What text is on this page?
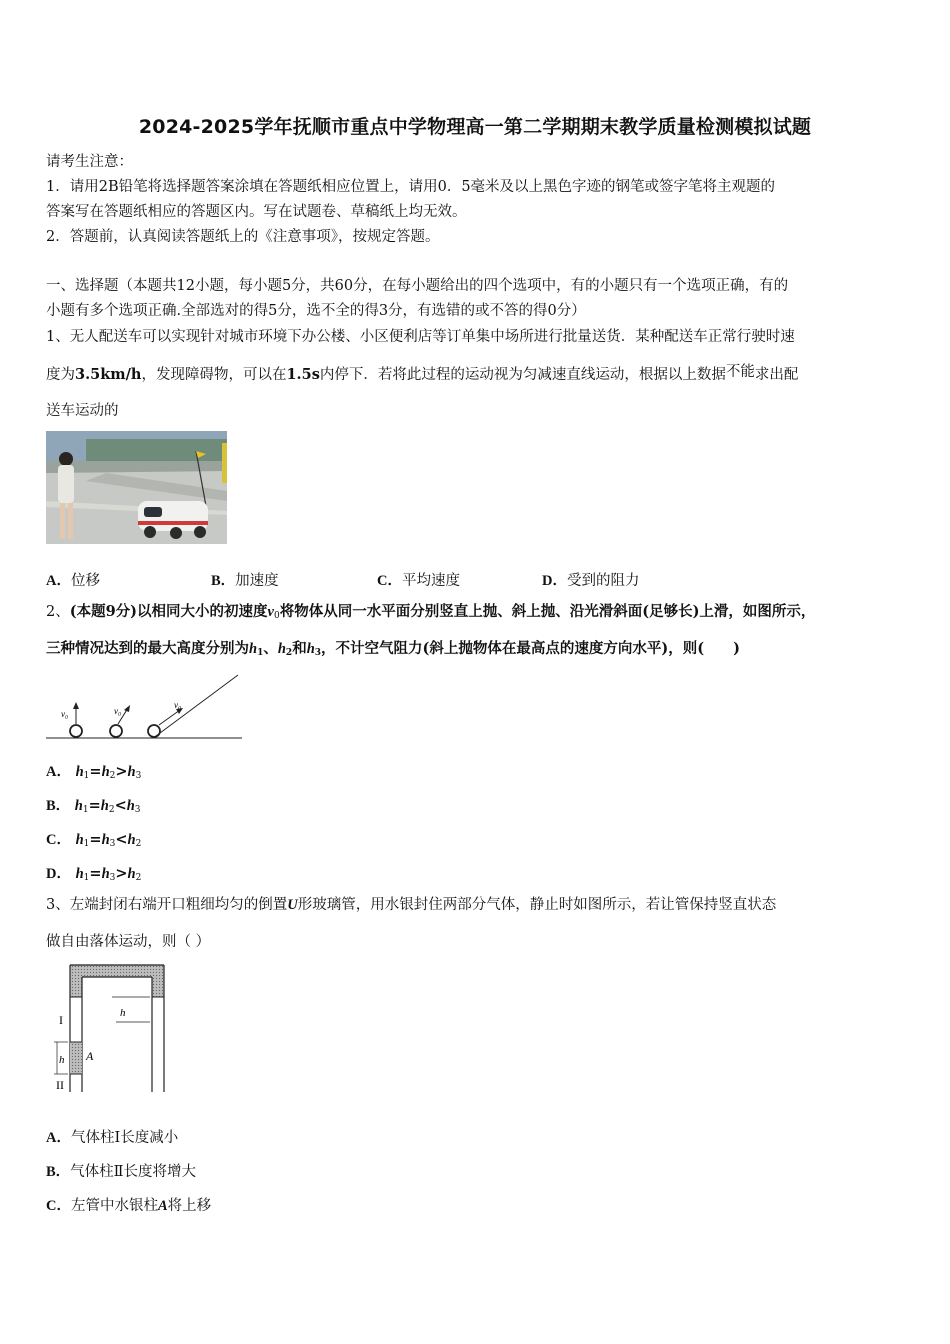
2024-2025学年抚顺市重点中学物理高一第二学期期末教学质量检测模拟试题
请考生注意：
1．请用2B铅笔将选择题答案涂填在答题纸相应位置上，请用0．5毫米及以上黑色字迹的钢笔或签字笔将主观题的
答案写在答题纸相应的答题区内。写在试题卷、草稿纸上均无效。
2．答题前，认真阅读答题纸上的《注意事项》，按规定答题。
一、选择题（本题共12小题，每小题5分，共60分，在每小题给出的四个选项中，有的小题只有一个选项正确，有的
小题有多个选项正确.全部选对的得5分，选不全的得3分，有选错的或不答的得0分）
1、无人配送车可以实现针对城市环境下办公楼、小区便利店等订单集中场所进行批量送货．某种配送车正常行驶时速
度为3.5km/h，发现障碍物，可以在1.5s内停下．若将此过程的运动视为匀减速直线运动，根据以上数据不能求出配
送车运动的
A．位移	B．加速度	C．平均速度	D．受到的阻力
2、(本题9分)以相同大小的初速度$v_0$将物体从同一水平面分别竖直上抛、斜上抛、沿光滑斜面(足够长)上滑，如图所示，
三种情况达到的最大高度分别为$h_1$、$h_2$和$h_3$，不计空气阻力(斜上抛物体在最高点的速度方向水平)，则(　　)
v₀	v₀
v₀
A． $h_1=h_2>h_3$
B． $h_1=h_2<h_3$
C． $h_1=h_3<h_2$
D． $h_1=h_3>h_2$
3、左端封闭右端开口粗细均匀的倒置U形玻璃管，用水银封住两部分气体，静止时如图所示，若让管保持竖直状态
做自由落体运动，则（ ）
h
h A
I
II
A．气体柱Ⅰ长度减小
B．气体柱Ⅱ长度将增大
C．左管中水银柱A将上移
